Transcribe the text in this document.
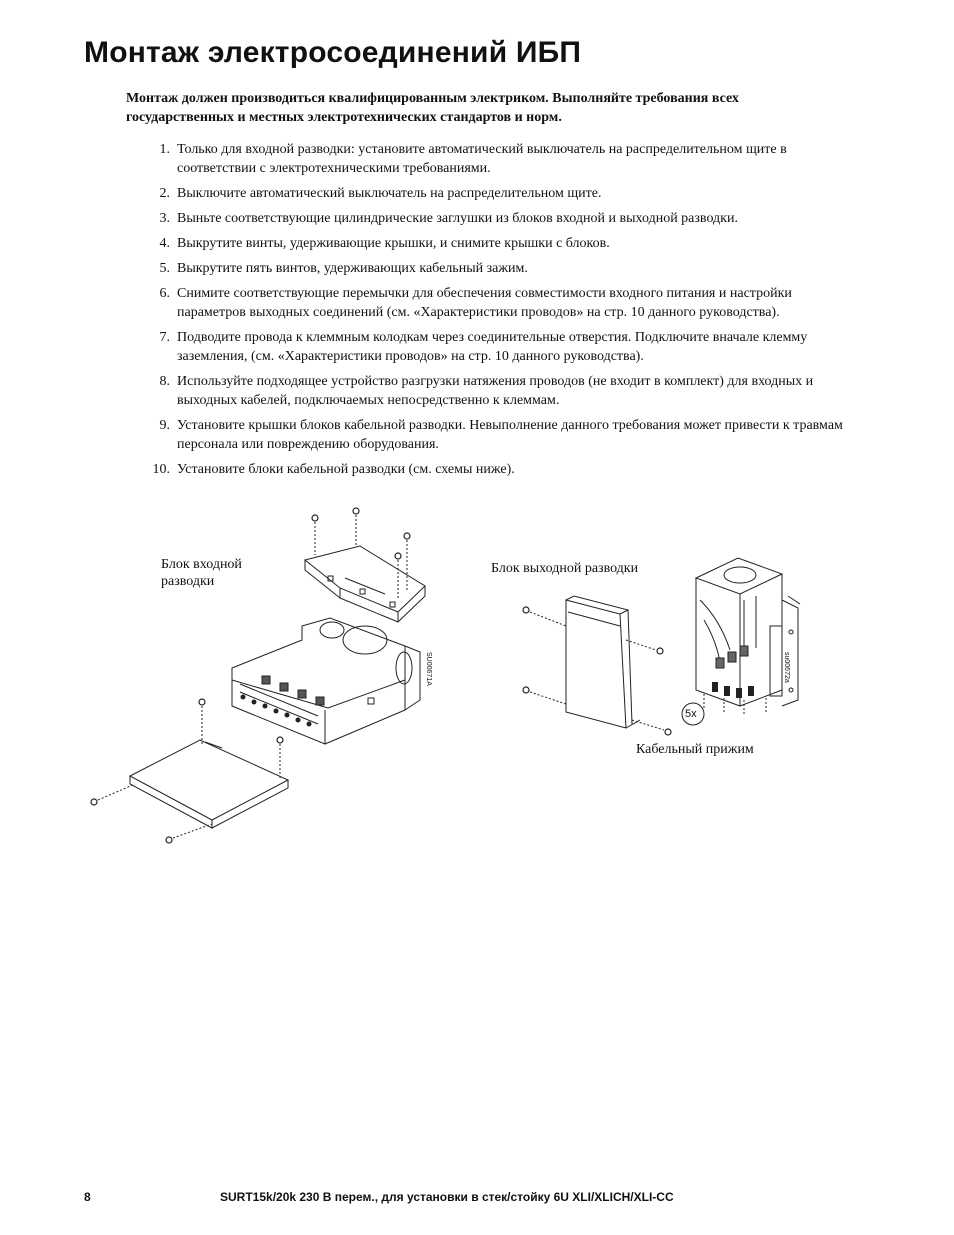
Монтаж электросоединений ИБП
Монтаж должен производиться квалифицированным электриком. Выполняйте требования всех государственных и местных электротехнических стандартов и норм.
1. Только для входной разводки: установите автоматический выключатель на распределительном щите в соответствии с электротехническими требованиями.
2. Выключите автоматический выключатель на распределительном щите.
3. Выньте соответствующие цилиндрические заглушки из блоков входной и выходной разводки.
4. Выкрутите винты, удерживающие крышки, и снимите крышки с блоков.
5. Выкрутите пять винтов, удерживающих кабельный зажим.
6. Снимите соответствующие перемычки для обеспечения совместимости входного питания и настройки параметров выходных соединений (см. «Характеристики проводов» на стр. 10 данного руководства).
7. Подводите провода к клеммным колодкам через соединительные отверстия. Подключите вначале клемму заземления, (см. «Характеристики проводов» на стр. 10 данного руководства).
8. Используйте подходящее устройство разгрузки натяжения проводов (не входит в комплект) для входных и выходных кабелей, подключаемых непосредственно к клеммам.
9. Установите крышки блоков кабельной разводки. Невыполнение данного требования может привести к травмам персонала или повреждению оборудования.
10. Установите блоки кабельной разводки (см. схемы ниже).
Блок входной
разводки
SU00671A
Блок выходной разводки
5x
su00672a
Кабельный прижим
8	SURT15k/20k 230 В перем., для установки в стек/стойку 6U XLI/XLICH/XLI-CC
